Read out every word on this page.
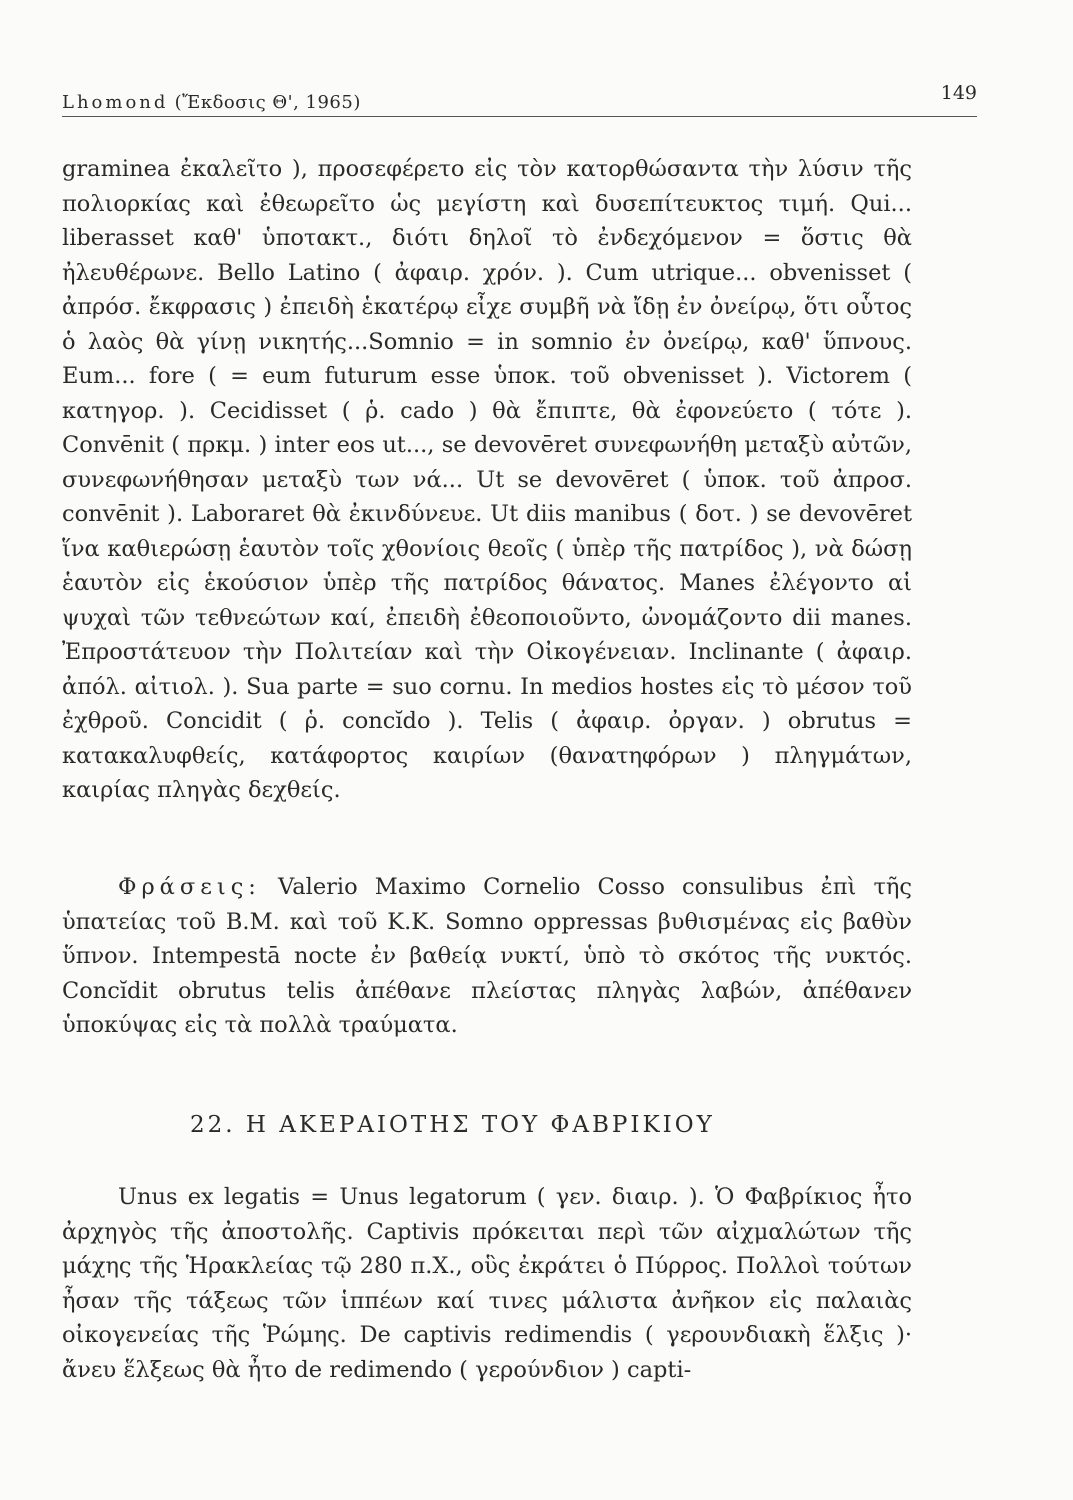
Lhomond (Ἔκδοσις Θ', 1965)	149

graminea ἐκαλεῖτο ), προσεφέρετο εἰς τὸν κατορθώσαντα τὴν λύσιν τῆς πολιορκίας καὶ ἐθεωρεῖτο ὡς μεγίστη καὶ δυσεπίτευκτος τιμή. Qui... liberasset καθ' ὑποτακτ., διότι δηλοῖ τὸ ἐνδεχόμενον = ὅστις θὰ ἠλευθέρωνε. Bello Latino ( ἀφαιρ. χρόν. ). Cum utrique... obvenisset ( ἀπρόσ. ἔκφρασις ) ἐπειδὴ ἑκατέρῳ εἶχε συμβῆ νὰ ἴδῃ ἐν ὀνείρῳ, ὅτι οὗτος ὁ λαὸς θὰ γίνῃ νικητής...Somnio = in somnio ἐν ὀνείρῳ, καθ' ὕπνους. Eum... fore ( = eum futurum esse ὑποκ. τοῦ obvenisset ). Victorem ( κατηγορ. ). Cecidisset ( ῥ. cado ) θὰ ἔπιπτε, θὰ ἐφονεύετο ( τότε ). Convēnit ( πρκμ. ) inter eos ut..., se devovēret συνεφωνήθη μεταξὺ αὐτῶν, συνεφωνήθησαν μεταξὺ των νά... Ut se devovēret ( ὑποκ. τοῦ ἀπροσ. convēnit ). Laboraret θὰ ἐκινδύνευε. Ut diis manibus ( δοτ. ) se devovēret ἵνα καθιερώσῃ ἑαυτὸν τοῖς χθονίοις θεοῖς ( ὑπὲρ τῆς πατρίδος ), νὰ δώσῃ ἑαυτὸν εἰς ἑκούσιον ὑπὲρ τῆς πατρίδος θάνατος. Manes ἐλέγοντο αἱ ψυχαὶ τῶν τεθνεώτων καί, ἐπειδὴ ἐθεοποιοῦντο, ὠνομάζοντο dii manes. Ἐπροστάτευον τὴν Πολιτείαν καὶ τὴν Οἰκογένειαν. Inclinante ( ἀφαιρ. ἀπόλ. αἰτιολ. ). Sua parte = suo cornu. In medios hostes εἰς τὸ μέσον τοῦ ἐχθροῦ. Concidit ( ῥ. concĭdo ). Telis ( ἀφαιρ. ὀργαν. ) obrutus = κατακαλυφθείς, κατάφορτος καιρίων (θανατηφόρων ) πληγμάτων, καιρίας πληγὰς δεχθείς.

Φράσεις: Valerio Maximo Cornelio Cosso consulibus ἐπὶ τῆς ὑπατείας τοῦ Β.Μ. καὶ τοῦ Κ.Κ. Somno oppressas βυθισμένας εἰς βαθὺν ὕπνον. Intempestā nocte ἐν βαθείᾳ νυκτί, ὑπὸ τὸ σκότος τῆς νυκτός. Concĭdit obrutus telis ἀπέθανε πλείστας πληγὰς λαβών, ἀπέθανεν ὑποκύψας εἰς τὰ πολλὰ τραύματα.

22. Η ΑΚΕΡΑΙΟΤΗΣ ΤΟΥ ΦΑΒΡΙΚΙΟΥ

Unus ex legatis = Unus legatorum ( γεν. διαιρ. ). Ὁ Φαβρίκιος ἦτο ἀρχηγὸς τῆς ἀποστολῆς. Captivis πρόκειται περὶ τῶν αἰχμαλώτων τῆς μάχης τῆς Ἡρακλείας τῷ 280 π.Χ., οὓς ἐκράτει ὁ Πύρρος. Πολλοὶ τούτων ἦσαν τῆς τάξεως τῶν ἱππέων καί τινες μάλιστα ἀνῆκον εἰς παλαιὰς οἰκογενείας τῆς Ῥώμης. De captivis redimendis ( γερουνδιακὴ ἕλξις )· ἄνευ ἕλξεως θὰ ἦτο de redimendo ( γερούνδιον ) capti-
